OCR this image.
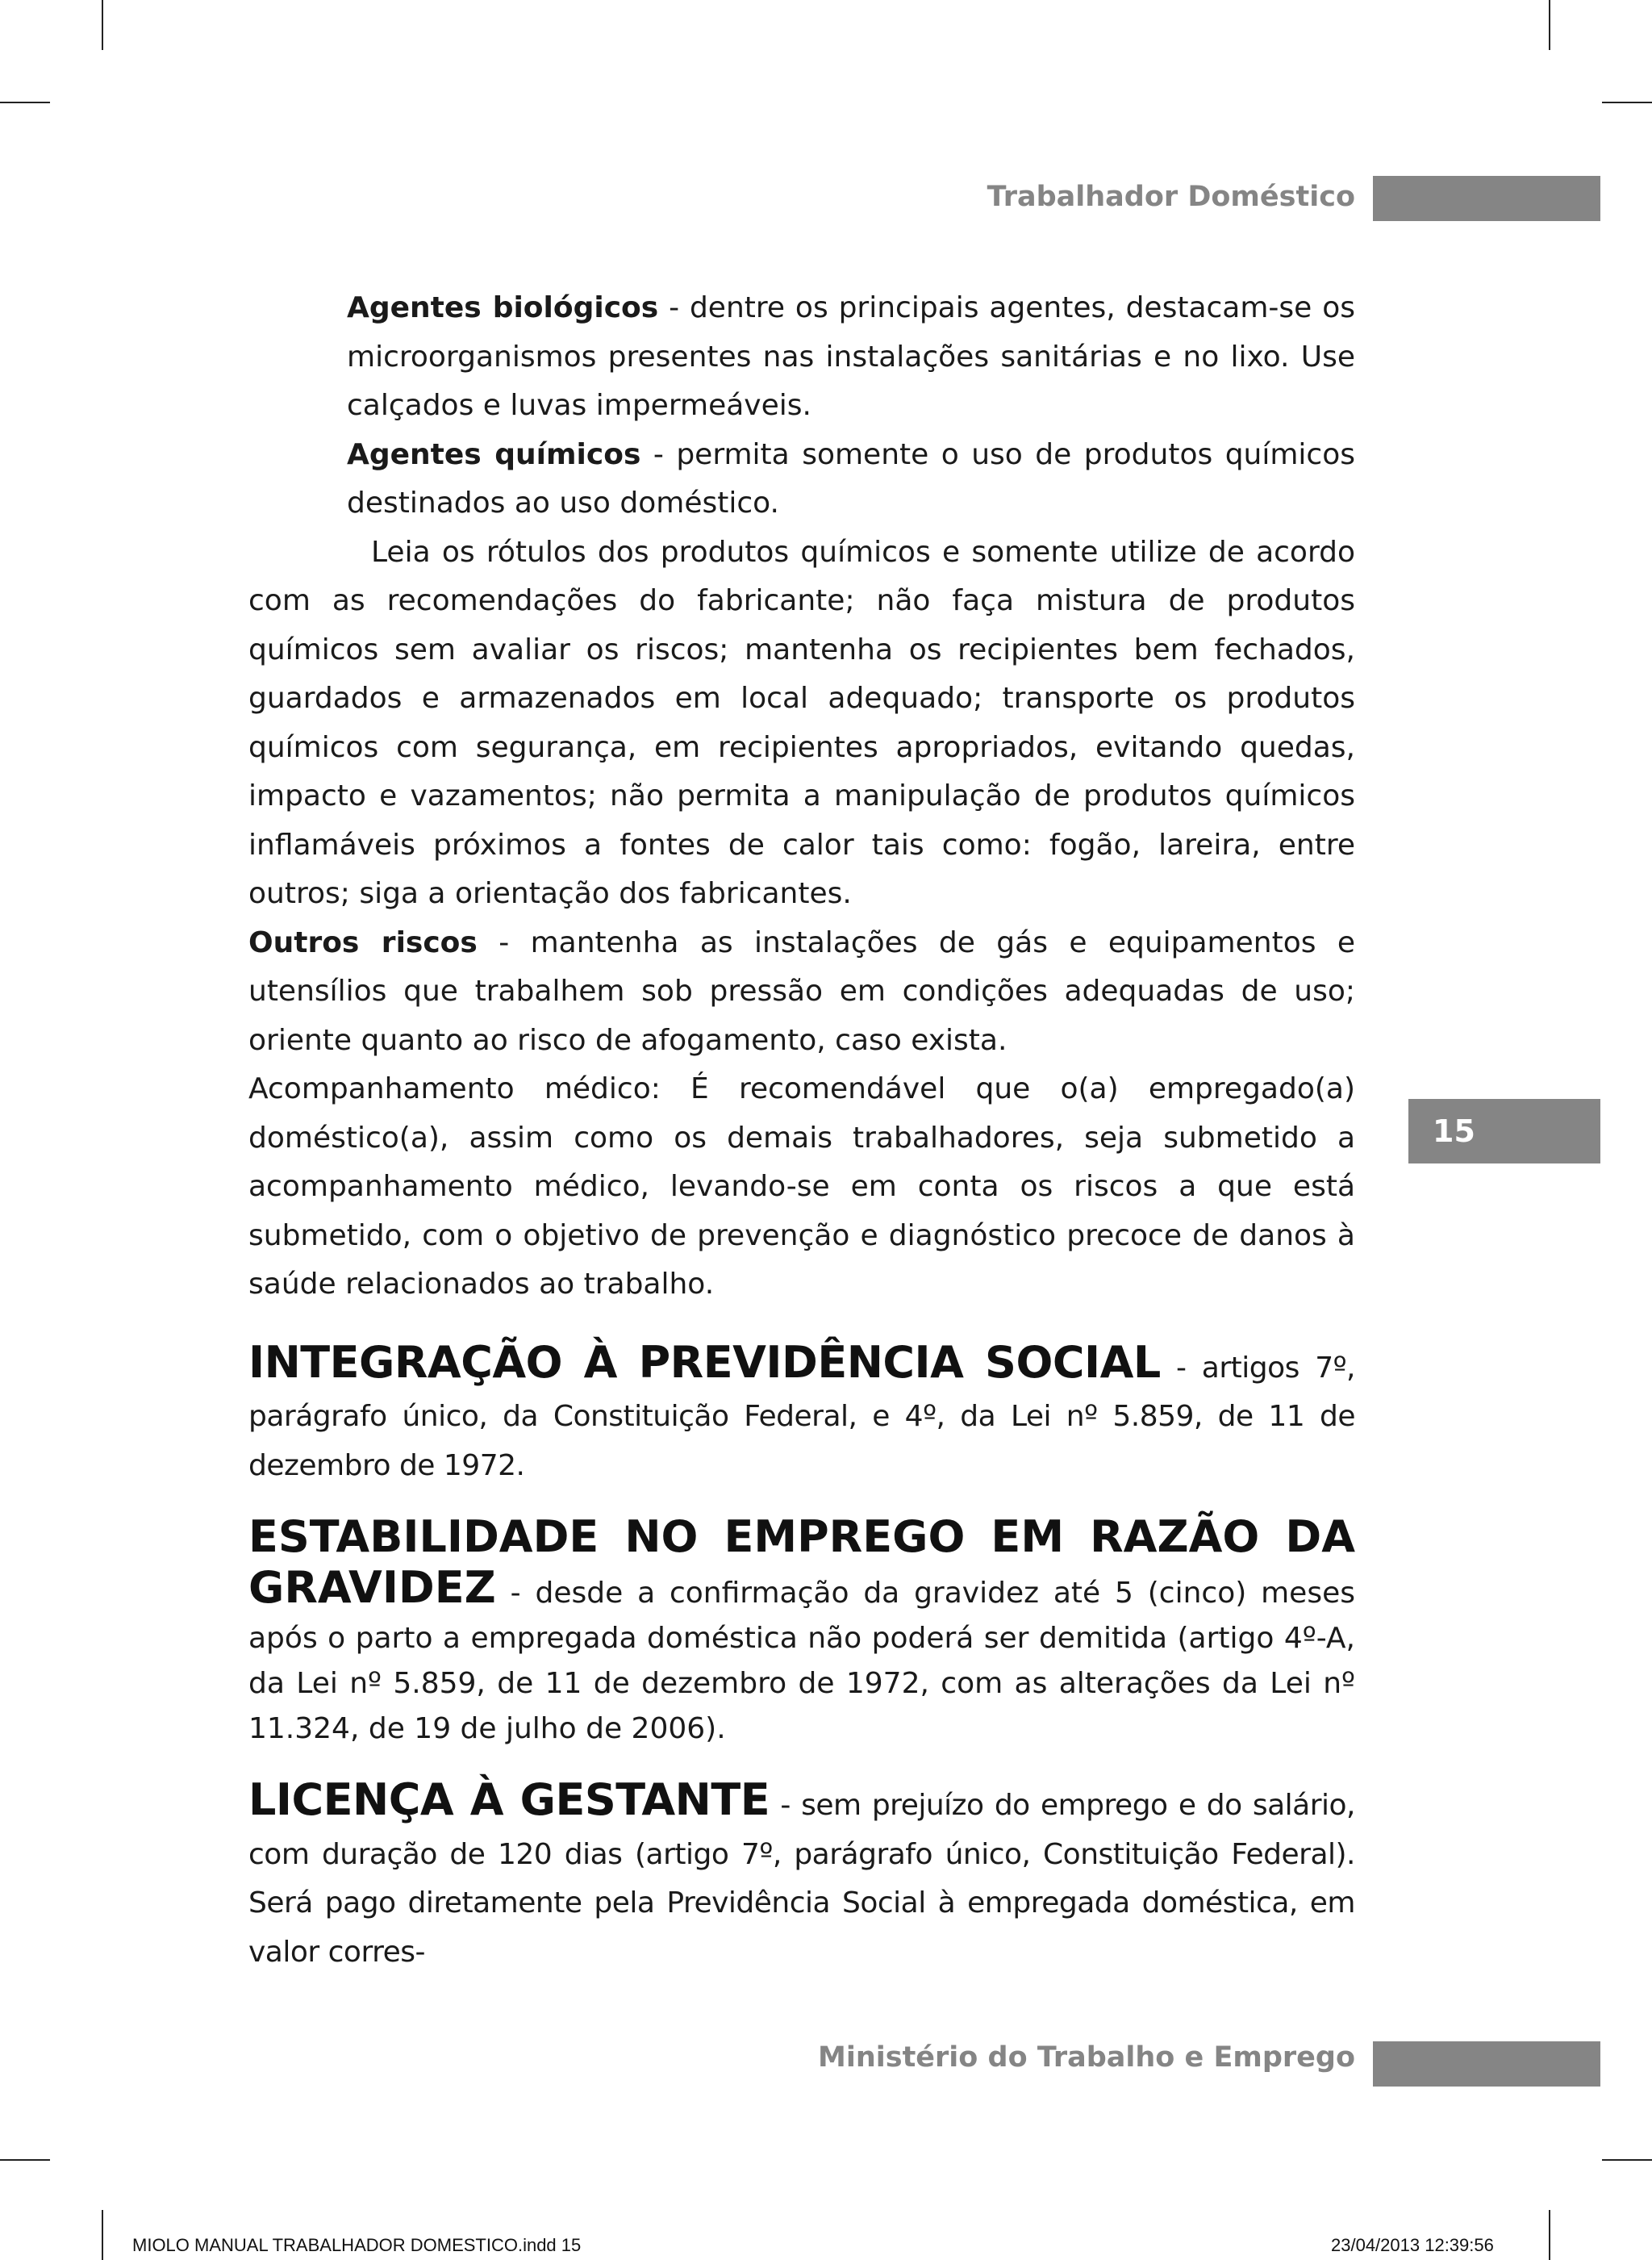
Trabalhador Doméstico

15

Agentes biológicos - dentre os principais agentes, destacam-se os microorganismos presentes nas instalações sanitárias e no lixo. Use calçados e luvas impermeáveis.

Agentes químicos - permita somente o uso de produtos químicos destinados ao uso doméstico.

Leia os rótulos dos produtos químicos e somente utilize de acordo com as recomendações do fabricante; não faça mistura de produtos químicos sem avaliar os riscos; mantenha os recipientes bem fechados, guardados e armazenados em local adequado; transporte os produtos químicos com segurança, em recipientes apropriados, evitando quedas, impacto e vazamentos; não permita a manipulação de produtos químicos inflamáveis próximos a fontes de calor tais como: fogão, lareira, entre outros; siga a orientação dos fabricantes.

Outros riscos - mantenha as instalações de gás e equipamentos e utensílios que trabalhem sob pressão em condições adequadas de uso; oriente quanto ao risco de afogamento, caso exista.

Acompanhamento médico: É recomendável que o(a) empregado(a) doméstico(a), assim como os demais trabalhadores, seja submetido a acompanhamento médico, levando-se em conta os riscos a que está submetido, com o objetivo de prevenção e diagnóstico precoce de danos à saúde relacionados ao trabalho.

INTEGRAÇÃO À PREVIDÊNCIA SOCIAL - artigos 7º, parágrafo único, da Constituição Federal, e 4º, da Lei nº 5.859, de 11 de dezembro de 1972.

ESTABILIDADE NO EMPREGO EM RAZÃO DA GRAVIDEZ - desde a confirmação da gravidez até 5 (cinco) meses após o parto a empregada doméstica não poderá ser demitida (artigo 4º-A, da Lei nº 5.859, de 11 de dezembro de 1972, com as alterações da Lei nº 11.324, de 19 de julho de 2006).

LICENÇA À GESTANTE - sem prejuízo do emprego e do salário, com duração de 120 dias (artigo 7º, parágrafo único, Constituição Federal). Será pago diretamente pela Previdência Social à empregada doméstica, em valor corres-

Ministério do Trabalho e Emprego

MIOLO MANUAL TRABALHADOR DOMESTICO.indd 15	23/04/2013 12:39:56
